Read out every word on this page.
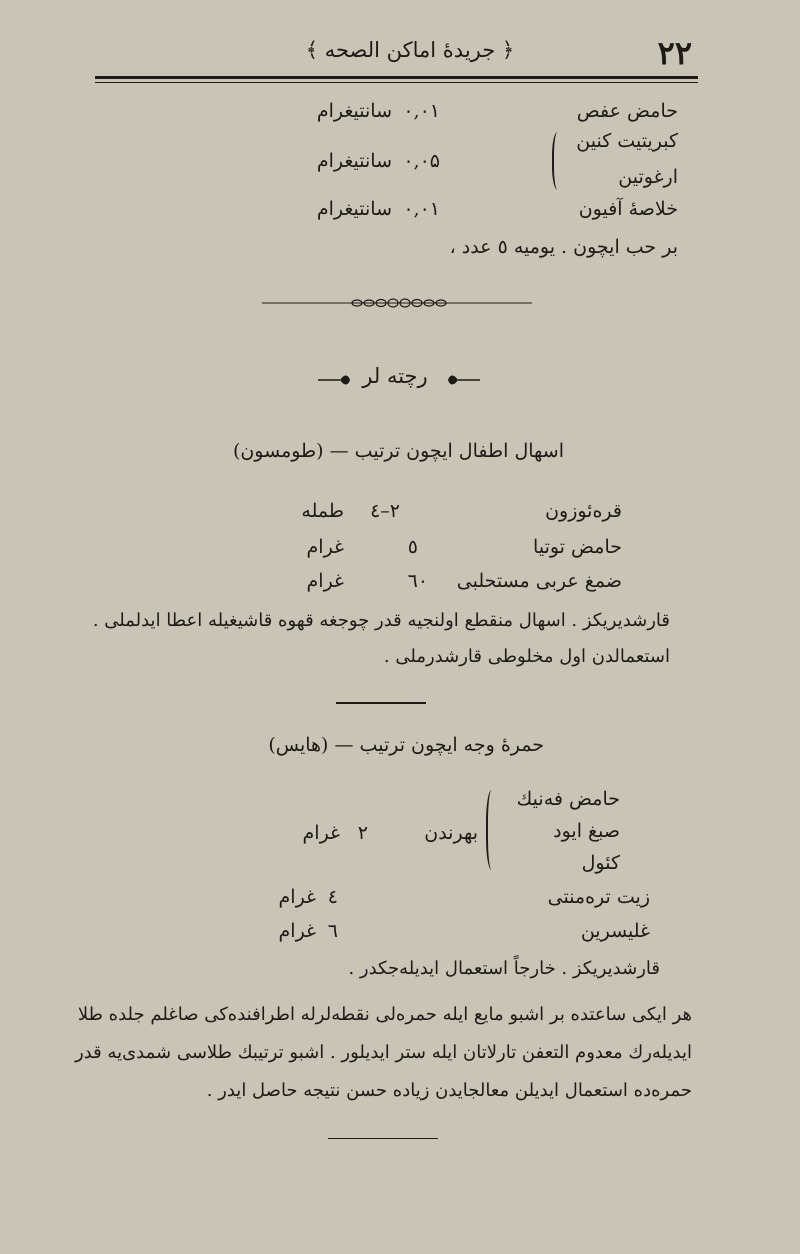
﴿ جريدهٔ اماكن الصحه ﴾	۲۲
حامض عفص
۰,۰۱
سانتيغرام
كبريتيت كنين
ارغوتين
۰,۰۵
سانتيغرام
خلاصهٔ آفيون
۰,۰۱
سانتيغرام
بر حب ايچون . يوميه ٥ عدد ،
رچته لر
اسهال اطفال ايچون ترتيب — (طومسون)
قره‌ئوزون
۲–٤
طمله
حامض توتيا
٥
غرام
ضمغ عربى مستحلبى
٦٠
غرام
قارشديريكز . اسهال منقطع اولنجيه قدر چوجغه قهوه قاشيغيله اعطا ايدلملى .
استعمالدن اول مخلوطى قارشدرملى .
حمرهٔ وجه ايچون ترتيب — (هايس)
حامض فه‌نيك
صبغ ايود
كئول
بهرندن
۲
غرام
زيت تره‌منتى
٤
غرام
غليسرين
٦
غرام
قارشديريكز . خارجاً استعمال ايديله‌جكدر .
هر ايكى ساعتده بر اشبو مايع ايله حمره‌لى نقطه‌لرله اطرافنده‌كى صاغلم جلده طلا
ايديله‌رك معدوم التعفن تارلاتان ايله ستر ايديلور . اشبو ترتيبك طلاسى شمدى‌يه قدر
حمره‌ده استعمال ايديلن معالجايدن زياده حسن نتيجه حاصل ايدر .
